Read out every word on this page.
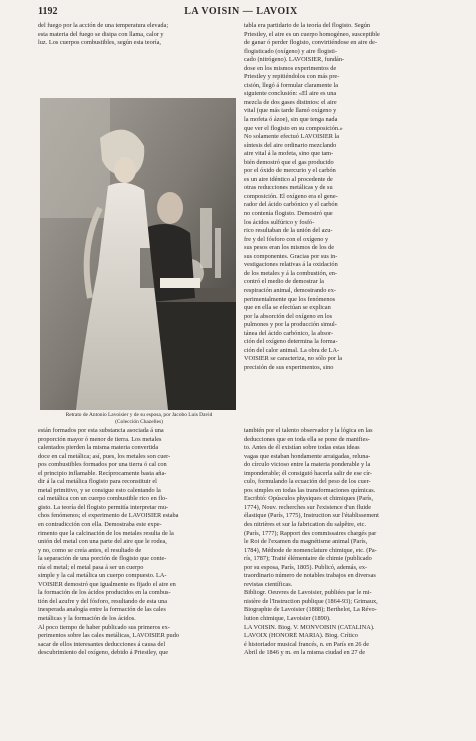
1192	LA VOISIN — LAVOIX
del fuego por la acción de una temperatura elevada;
esta materia del fuego se disipa con llama, calor y
luz. Los cuerpos combustibles, según esta teoría,
Retrato de Antonio Lavoisier y de su esposa, por Jacobo Luis David
(Colección Chazelles)
tabla era partidario de la teoría del flogisto. Según
Priestley, el aire es un cuerpo homogéneo, susceptible
de ganar ó perder flogisto, convirtiéndose en aire de-
flogisticado (oxígeno) y aire flogisti-
cado (nitrógeno). LAVOISIER, fundán-
dose en los mismos experimentos de
Priestley y repitiéndolos con más pre-
cisión, llegó á formular claramente la
siguiente conclusión: «El aire es una
mezcla de dos gases distintos: el aire
vital (que más tarde llamó oxígeno y
la mofeta ó ázoe), sin que tenga nada
que ver el flogisto en su composición.»
No solamente efectuó LAVOISIER la
síntesis del aire ordinario mezclando
aire vital á la mofeta, sino que tam-
bién demostró que el gas producido
por el óxido de mercurio y el carbón
es un aire idéntico al procedente de
otras reducciones metálicas y de su
composición. El oxígeno era el gene-
rador del ácido carbónico y el carbón
no contenía flogisto. Demostró que
los ácidos sulfúrico y fosfó-
rico resultaban de la unión del azu-
fre y del fósforo con el oxígeno y
sus pesos eran los mismos de los de
sus componentes. Gracias por sus in-
vestigaciones relativas á la oxidación
de los metales y á la combustión, en-
contró el medio de demostrar la
respiración animal, demostrando ex-
perimentalmente que los fenómenos
que en ella se efectúan se explican
por la absorción del oxígeno en los
pulmones y por la producción simul-
tánea del ácido carbónico, la absor-
ción del oxígeno determina la forma-
ción del calor animal. La obra de LA-
VOISIER se caracteriza, no sólo por la
precisión de sus experimentos, sino
están formados por esta substancia asociada á una
proporción mayor ó menor de tierra. Los metales
calentados pierden la misma materia convertida
doce en cal metálica; así, pues, los metales son cuer-
pos combustibles formados por una tierra ó cal con
el principio inflamable. Recíprocamente basta aña-
dir á la cal metálica flogisto para reconstituir el
metal primitivo, y se consigue esto calentando la
cal metálica con un cuerpo combustible rico en flo-
gisto. La teoría del flogisto permitía interpretar mu-
chos fenómenos; el experimento de LAVOISIER estaba
en contradicción con ella. Demostraba este expe-
rimento que la calcinación de los metales resulta de la
unión del metal con una parte del aire que le rodea,
y no, como se creía antes, el resultado de
la separación de una porción de flogisto que conte-
nía el metal; el metal pasa á ser un cuerpo
simple y la cal metálica un cuerpo compuesto. LA-
VOISIER demostró que igualmente es fijado el aire en
la formación de los ácidos producidos en la combus-
tión del azufre y del fósforo, resultando de esta una
inesperada analogía entre la formación de las cales
metálicas y la formación de los ácidos.
Al poco tiempo de haber publicado sus primeros ex-
perimentos sobre las cales metálicas, LAVOISIER pudo
sacar de ellos interesantes deducciones á causa del
descubrimiento del oxígeno, debido á Priestley, que
también por el talento observador y la lógica en las
deducciones que en toda ella se pone de manifies-
to. Antes de él existían sobre todas estas ideas
vagas que estaban hondamente arraigadas, reluna-
do círculo vicioso entre la materia ponderable y la
imponderable; él consiguió hacerla salir de ese cír-
culo, formulando la ecuación del peso de los cuer-
pos simples en todas las transformaciones químicas.
Escribió: Opúsculos physiques et chimiques (París,
1774), Nouv. recherches sur l'existence d'un fluide
élastique (París, 1775), Instruction sur l'établissement
des nitrières et sur la fabrication du salpêtre, etc.
(París, 1777); Rapport des commissaires chargés par
le Roi de l'examen du magnétisme animal (París,
1784), Méthode de nomenclature chimique, etc. (Pa-
rís, 1787); Traité élémentaire de chimie (publicado
por su esposa, París, 1805). Publicó, además, ex-
traordinario número de notables trabajos en diversas
revistas científicas.
Bibliogr. Oeuvres de Lavoisier, publiées par le mi-
nistère de l'Instruction publique (1864-93); Grimaux,
Biographie de Lavoisier (1888); Berthelot, La Révo-
lution chimique, Lavoisier (1890).
LA VOISIN. Biog. V. MONVOISIN (CATALINA).
LAVOIX (HONORÉ MARIA). Biog. Crítico
é historiador musical francés, n. en París en 26 de
Abril de 1846 y m. en la misma ciudad en 27 de
